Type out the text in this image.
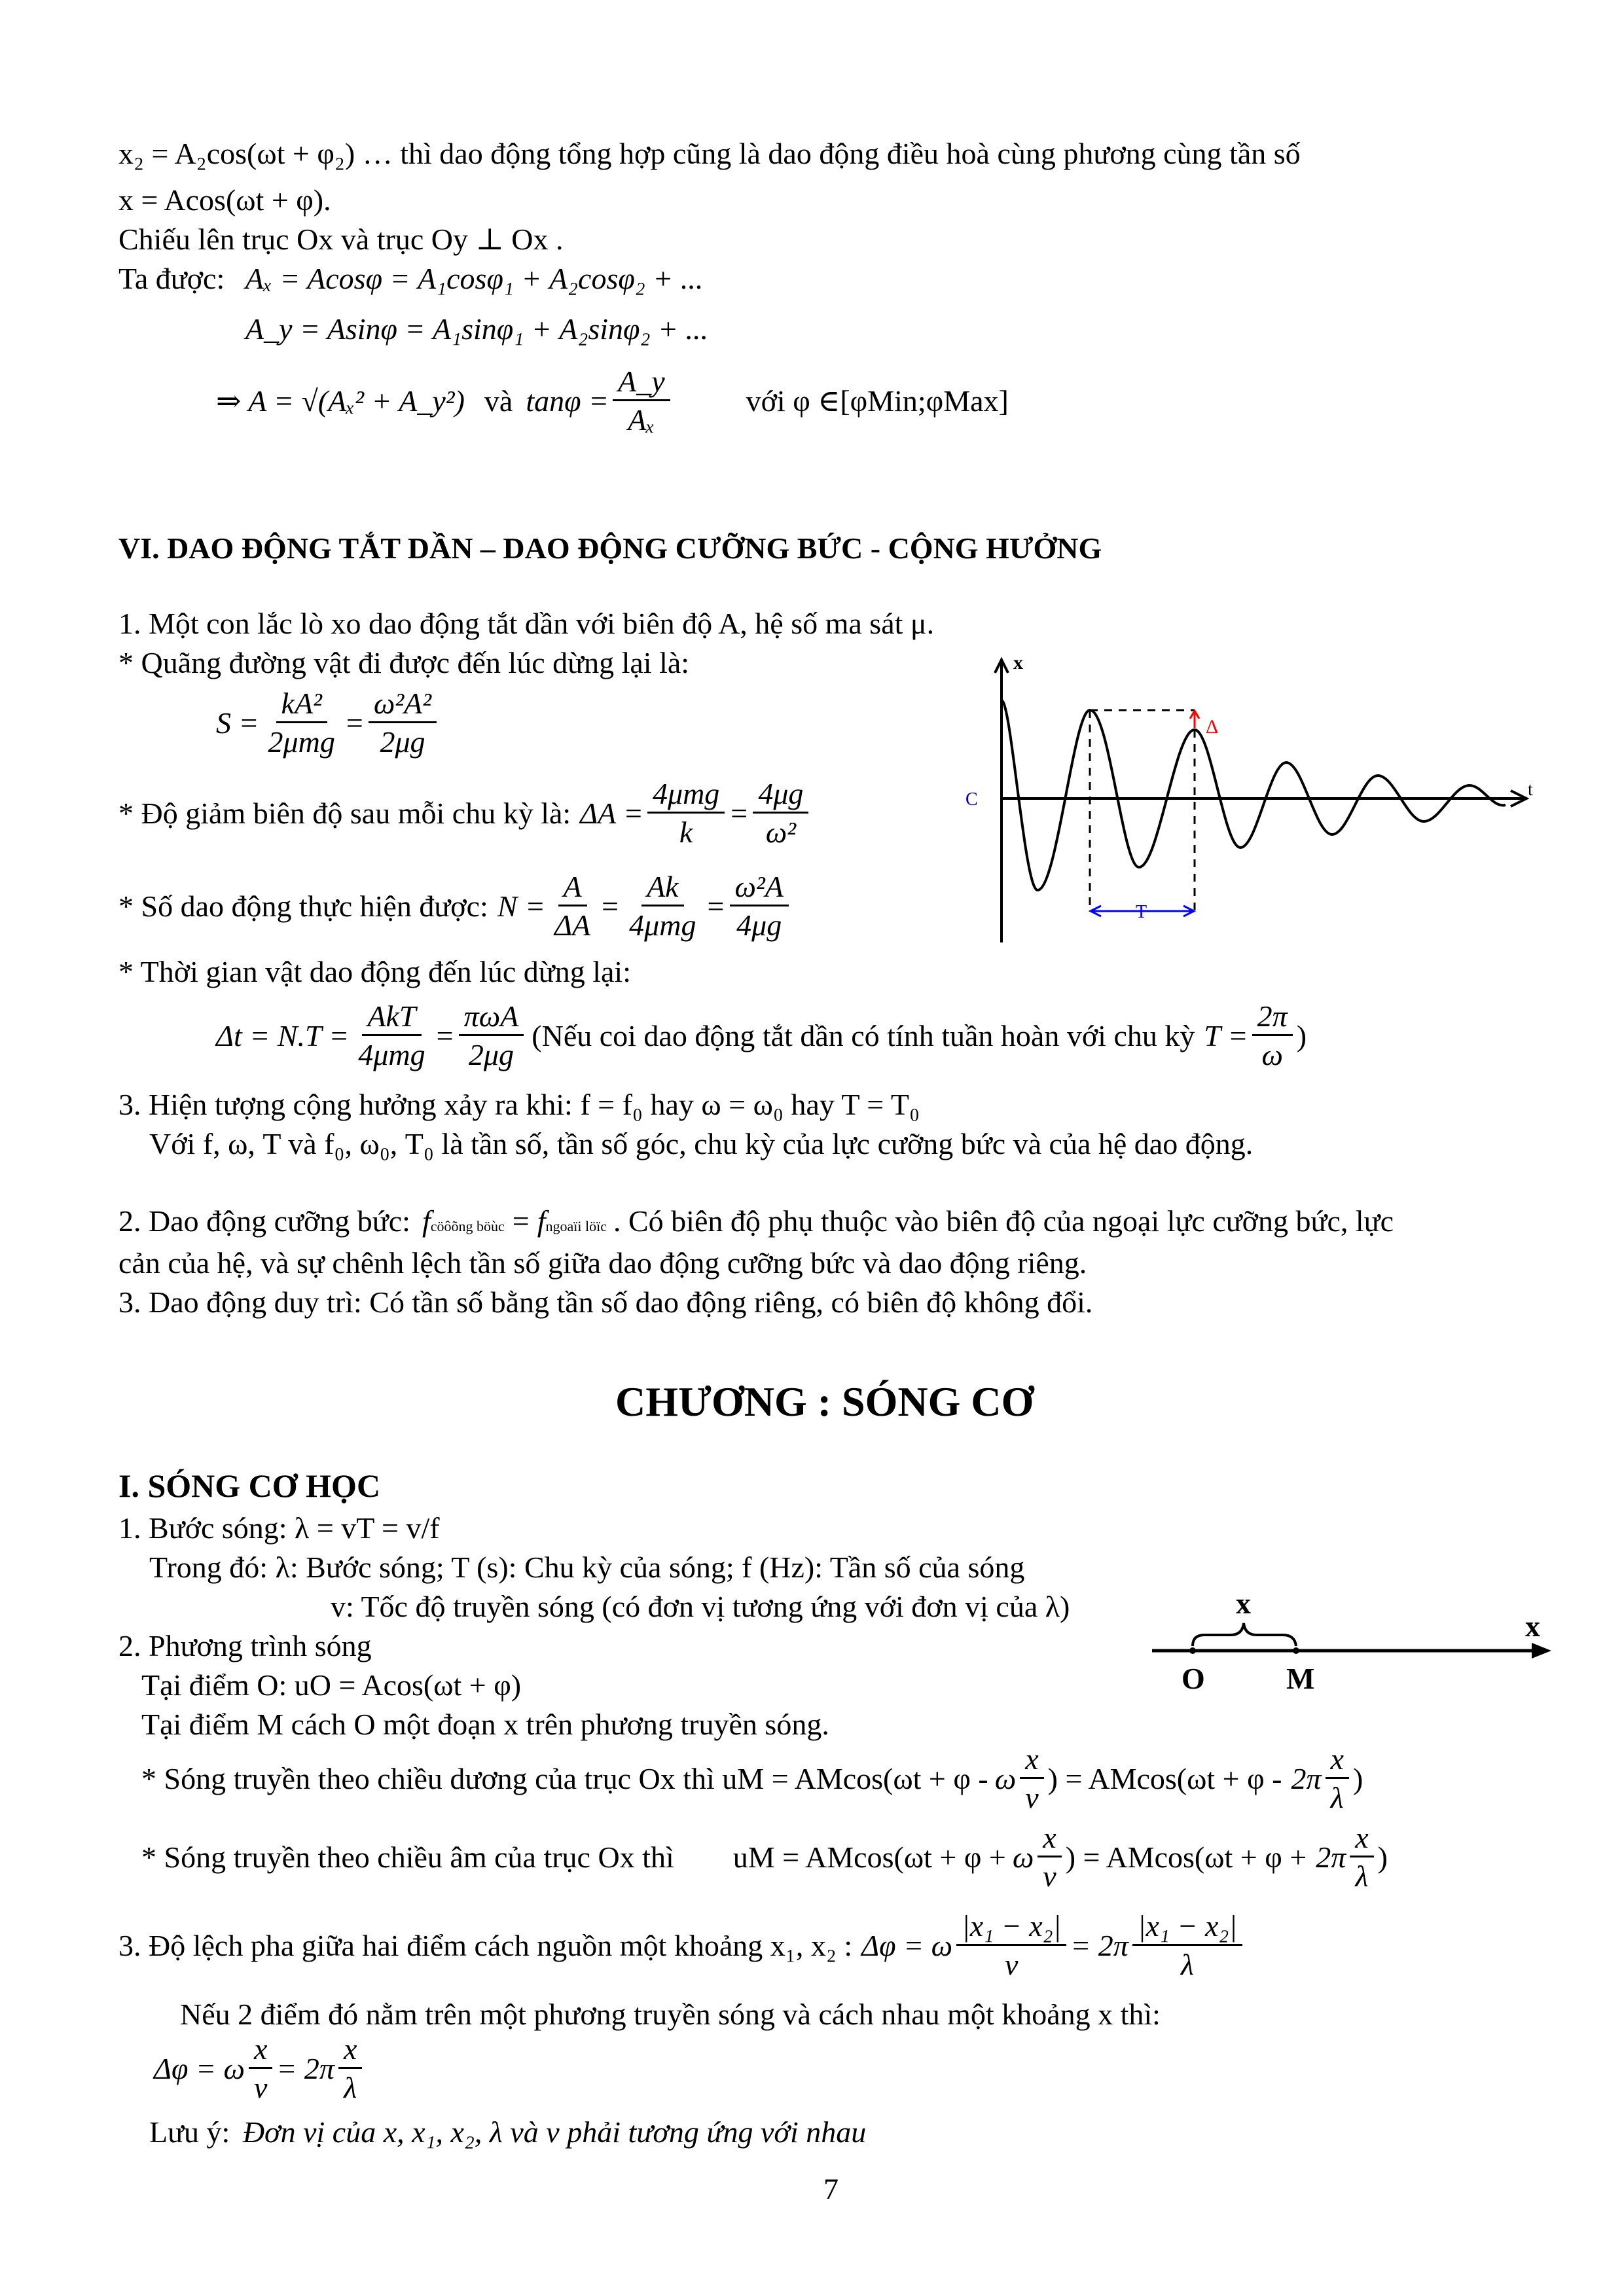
x₂ = A₂cos(ωt + φ₂) … thì dao động tổng hợp cũng là dao động điều hoà cùng phương cùng tần số
x = Acos(ωt + φ).
Chiếu lên trục Ox và trục Oy ⊥ Ox .
Ta được: Aₓ = Acosφ = A₁cosφ₁ + A₂cosφ₂ + ...
A_y = Asinφ = A₁sinφ₁ + A₂sinφ₂ + ...
⇒ A = √(Aₓ² + A_y²) và $\tan\varphi = \frac{A\_y}{\text{Aₓ}}$	với φ ∈[φMin;φMax]
VI. DAO ĐỘNG TẮT DẦN – DAO ĐỘNG CƯỠNG BỨC - CỘNG HƯỞNG
1. Một con lắc lò xo dao động tắt dần với biên độ A, hệ số ma sát μ.
* Quãng đường vật đi được đến lúc dừng lại là:
$S = \frac{\text{kA²}}{\text{2μmg}} = \frac{\text{ω²A²}}{2\mu g}$
* Độ giảm biên độ sau mỗi chu kỳ là: $\Delta A = \frac{\text{4μmg}}{k} = \frac{4\mu g}{\text{ω²}}$
* Số dao động thực hiện được: $N = \frac{A}{\Delta A} = \frac{Ak}{\text{4μmg}} = \frac{\text{ω²A}}{4\mu g}$
* Thời gian vật dao động đến lúc dừng lại:
$\Delta t = N.T = \frac{\text{AkT}}{\text{4μmg}} = \frac{\text{πωA}}{2\mu g}$ (Nếu coi dao động tắt dần có tính tuần hoàn với chu kỳ $T = \frac{2\pi}{\omega}$ )
3. Hiện tượng cộng hưởng xảy ra khi: f = f₀ hay ω = ω₀ hay T = T₀
Với f, ω, T và f₀, ω₀, T₀ là tần số, tần số góc, chu kỳ của lực cưỡng bức và của hệ dao động.
2. Dao động cưỡng bức: f cöôõng böùc = f ngoaïi löïc . Có biên độ phụ thuộc vào biên độ của ngoại lực cưỡng bức, lực
cản của hệ, và sự chênh lệch tần số giữa dao động cưỡng bức và dao động riêng.
3. Dao động duy trì: Có tần số bằng tần số dao động riêng, có biên độ không đổi.
x
C	t
Δ
T
CHƯƠNG : SÓNG CƠ
I. SÓNG CƠ HỌC
1. Bước sóng: λ = vT = v/f
Trong đó: λ: Bước sóng; T (s): Chu kỳ của sóng; f (Hz): Tần số của sóng
v: Tốc độ truyền sóng (có đơn vị tương ứng với đơn vị của λ)
2. Phương trình sóng
Tại điểm O: uO = Acos(ωt + φ)
Tại điểm M cách O một đoạn x trên phương truyền sóng.
* Sóng truyền theo chiều dương của trục Ox thì uM = AMcos(ωt + φ - ω $\frac{x}{v}$ ) = $AMcos(\omega t + \varphi - 2\pi \frac{x}{\lambda}$ )
* Sóng truyền theo chiều âm của trục Ox thì uM = AMcos(ωt + φ + ω $\frac{x}{v}$ ) = $AMcos(\omega t + \varphi + 2\pi \frac{x}{\lambda}$ )
3. Độ lệch pha giữa hai điểm cách nguồn một khoảng x₁, x₂ : Δφ = ω $\frac{\text{|x₁ − x₂|}}{v} = 2\pi \frac{\text{|x₁ − x₂|}}{\lambda}$
Nếu 2 điểm đó nằm trên một phương truyền sóng và cách nhau một khoảng x thì:
Δφ = ω $\frac{x}{v} = 2\pi \frac{x}{\lambda}$
Lưu ý: Đơn vị của x, x₁, x₂, λ và v phải tương ứng với nhau
x
x
O	M
7
